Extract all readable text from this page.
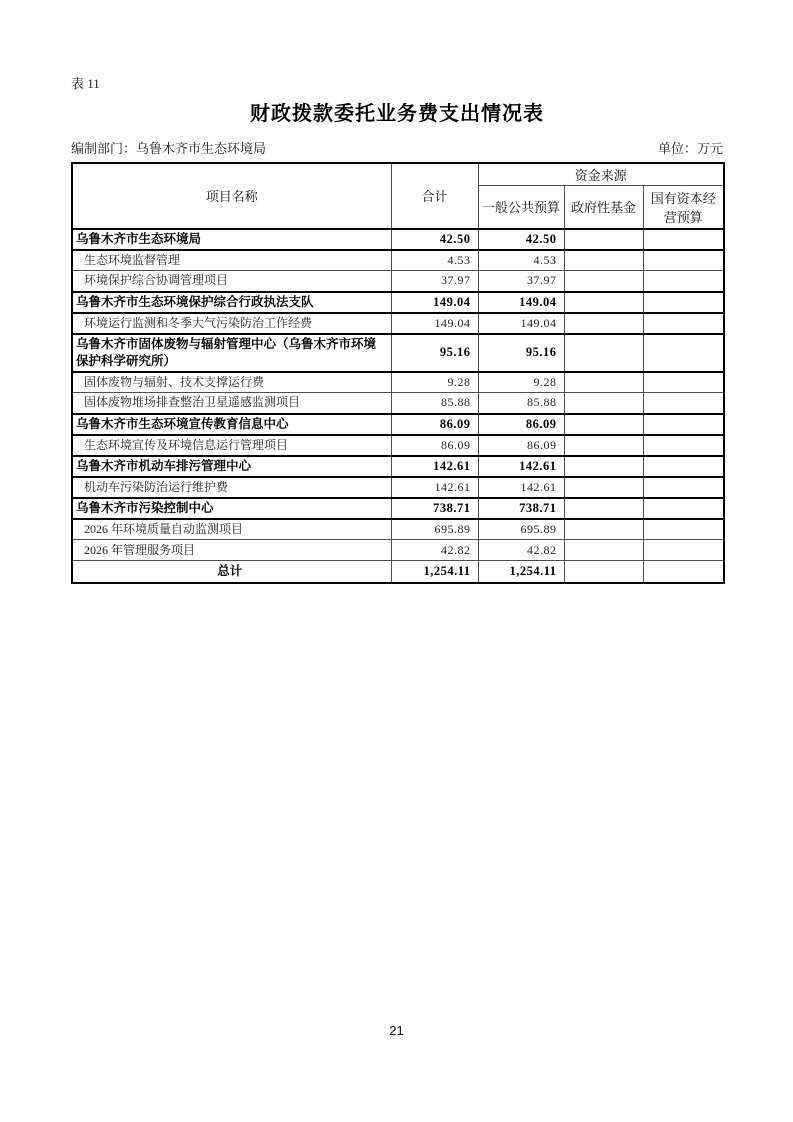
表 11
财政拨款委托业务费支出情况表
编制部门：乌鲁木齐市生态环境局	单位：万元
项目名称	合计	资金来源		
		一般公共预算	政府性基金	国有资本经营预算
乌鲁木齐市生态环境局	42.50	42.50		
生态环境监督管理	4.53	4.53		
环境保护综合协调管理项目	37.97	37.97		
乌鲁木齐市生态环境保护综合行政执法支队	149.04	149.04		
环境运行监测和冬季大气污染防治工作经费	149.04	149.04		
乌鲁木齐市固体废物与辐射管理中心（乌鲁木齐市环境保护科学研究所）	95.16	95.16		
固体废物与辐射、技术支撑运行费	9.28	9.28		
固体废物堆场排查整治卫星遥感监测项目	85.88	85.88		
乌鲁木齐市生态环境宣传教育信息中心	86.09	86.09		
生态环境宣传及环境信息运行管理项目	86.09	86.09		
乌鲁木齐市机动车排污管理中心	142.61	142.61		
机动车污染防治运行维护费	142.61	142.61		
乌鲁木齐市污染控制中心	738.71	738.71		
2026 年环境质量自动监测项目	695.89	695.89		
2026 年管理服务项目	42.82	42.82		
总计	1,254.11	1,254.11		
21
